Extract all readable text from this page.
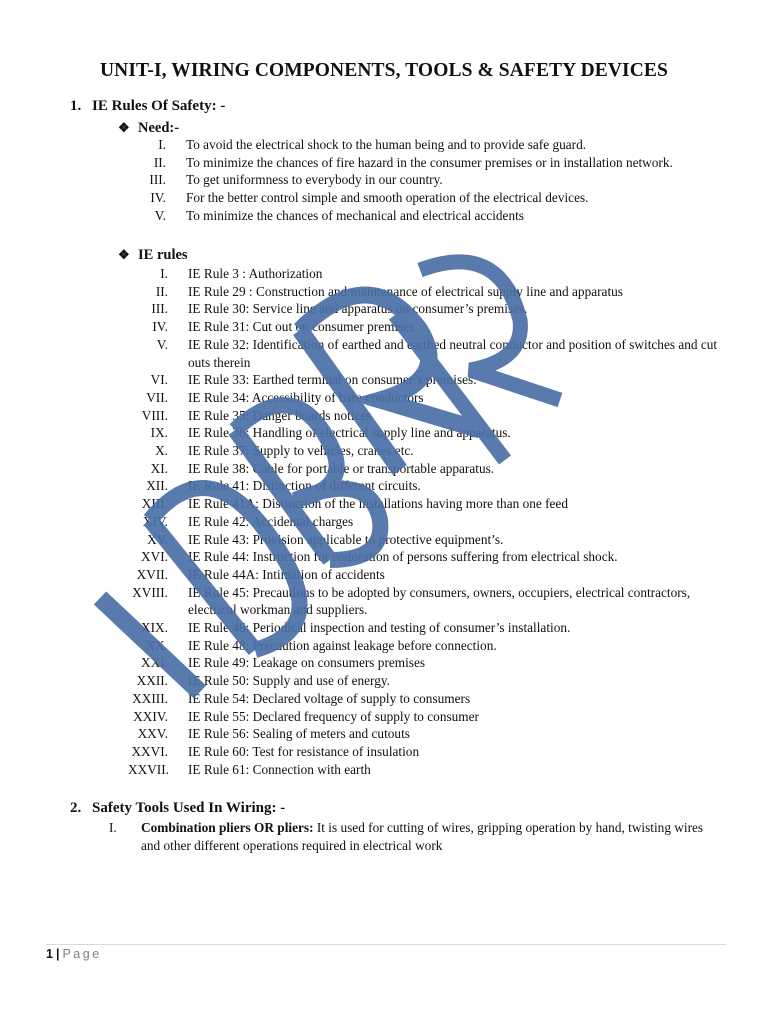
UNIT-I, WIRING COMPONENTS, TOOLS & SAFETY DEVICES
1. IE Rules Of Safety: -
❖ Need:-
I. To avoid the electrical shock to the human being and to provide safe guard.
II. To minimize the chances of fire hazard in the consumer premises or in installation network.
III. To get uniformness to everybody in our country.
IV. For the better control simple and smooth operation of the electrical devices.
V. To minimize the chances of mechanical and electrical accidents
❖ IE rules
I. IE Rule 3 : Authorization
II. IE Rule 29 : Construction and maintenance of electrical supply line and apparatus
III. IE Rule 30: Service line and apparatus on consumer’s premises.
IV. IE Rule 31: Cut out on consumer premises.
V. IE Rule 32: Identification of earthed and earthed neutral conductor and position of switches and cut outs therein
VI. IE Rule 33: Earthed terminal on consumer’s premises.
VII. IE Rule 34: Accessibility of bare conductors
VIII. IE Rule 35: Danger boards notices
IX. IE Rule 36: Handling of electrical supply line and apparatus.
X. IE Rule 37: Supply to vehicles, cranes etc.
XI. IE Rule 38: Cable for portable or transportable apparatus.
XII. IE Rule 41: Distinction of different circuits.
XIII. IE Rule 41A: Distinction of the installations having more than one feed
XIV. IE Rule 42: Accidental charges
XV. IE Rule 43: Provision applicable to protective equipment’s.
XVI. IE Rule 44: Instruction for restoration of persons suffering from electrical shock.
XVII. IE Rule 44A: Intimation of accidents
XVIII. IE Rule 45: Precautions to be adopted by consumers, owners, occupiers, electrical contractors, electrical workman and suppliers.
XIX. IE Rule 46: Periodical inspection and testing of consumer’s installation.
XX. IE Rule 48: Precaution against leakage before connection.
XXI. IE Rule 49: Leakage on consumers premises
XXII. IE Rule 50: Supply and use of energy.
XXIII. IE Rule 54: Declared voltage of supply to consumers
XXIV. IE Rule 55: Declared frequency of supply to consumer
XXV. IE Rule 56: Sealing of meters and cutouts
XXVI. IE Rule 60: Test for resistance of insulation
XXVII. IE Rule 61: Connection with earth
2. Safety Tools Used In Wiring: -
I. Combination pliers OR pliers: It is used for cutting of wires, gripping operation by hand, twisting wires and other different operations required in electrical work
1 | Page
